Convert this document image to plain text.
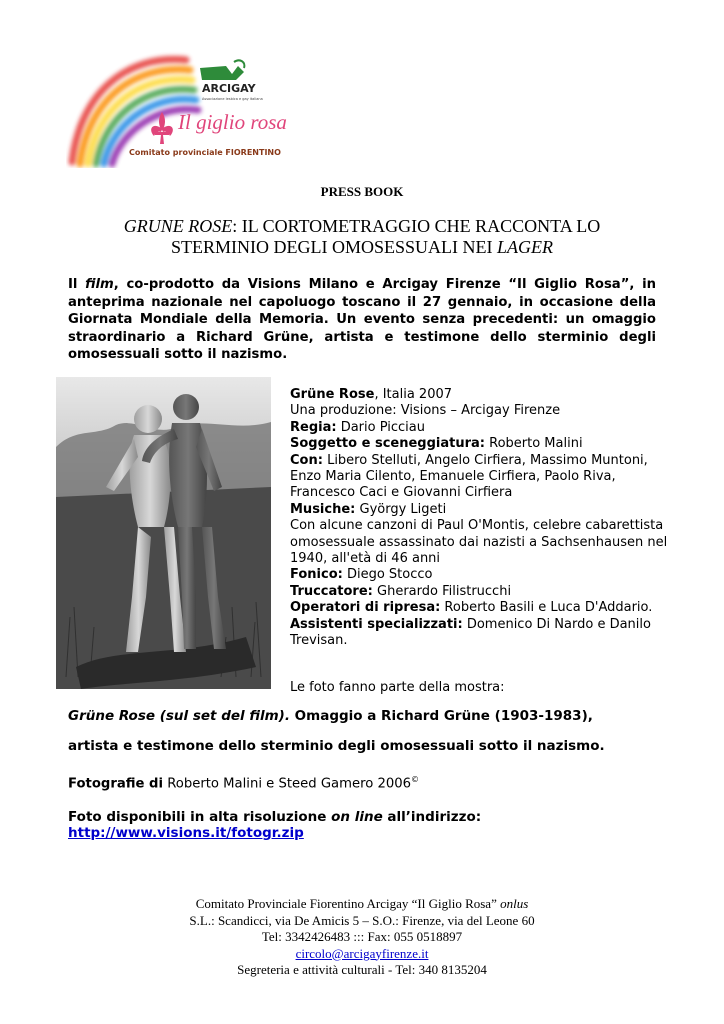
ARCIGAY
Associazione lesbica e gay italiana
Il giglio rosa
Comitato provinciale FIORENTINO
PRESS BOOK
GRUNE ROSE: IL CORTOMETRAGGIO CHE RACCONTA LO
STERMINIO DEGLI OMOSESSUALI NEI LAGER
Il film, co-prodotto da Visions Milano e Arcigay Firenze “Il Giglio Rosa”, in anteprima nazionale nel capoluogo toscano il 27 gennaio, in occasione della Giornata Mondiale della Memoria. Un evento senza precedenti: un omaggio straordinario a Richard Grüne, artista e testimone dello sterminio degli omosessuali sotto il nazismo.
Grüne Rose, Italia 2007
Una produzione: Visions – Arcigay Firenze
Regia: Dario Picciau
Soggetto e sceneggiatura: Roberto Malini
Con: Libero Stelluti, Angelo Cirfiera, Massimo Muntoni, Enzo Maria Cilento, Emanuele Cirfiera, Paolo Riva, Francesco Caci e Giovanni Cirfiera
Musiche: György Ligeti
Con alcune canzoni di Paul O'Montis, celebre cabarettista omosessuale assassinato dai nazisti a Sachsenhausen nel 1940, all'età di 46 anni
Fonico: Diego Stocco
Truccatore: Gherardo Filistrucchi
Operatori di ripresa: Roberto Basili e Luca D'Addario.
Assistenti specializzati: Domenico Di Nardo e Danilo Trevisan.
Le foto fanno parte della mostra:
Grüne Rose (sul set del film). Omaggio a Richard Grüne (1903-1983),
artista e testimone dello sterminio degli omosessuali sotto il nazismo.
Fotografie di Roberto Malini e Steed Gamero 2006©
Foto disponibili in alta risoluzione on line all’indirizzo:
http://www.visions.it/fotogr.zip
Comitato Provinciale Fiorentino Arcigay “Il Giglio Rosa” onlus
S.L.: Scandicci, via De Amicis 5 – S.O.: Firenze, via del Leone 60
Tel: 3342426483 ::: Fax: 055 0518897
circolo@arcigayfirenze.it
Segreteria e attività culturali - Tel: 340 8135204
